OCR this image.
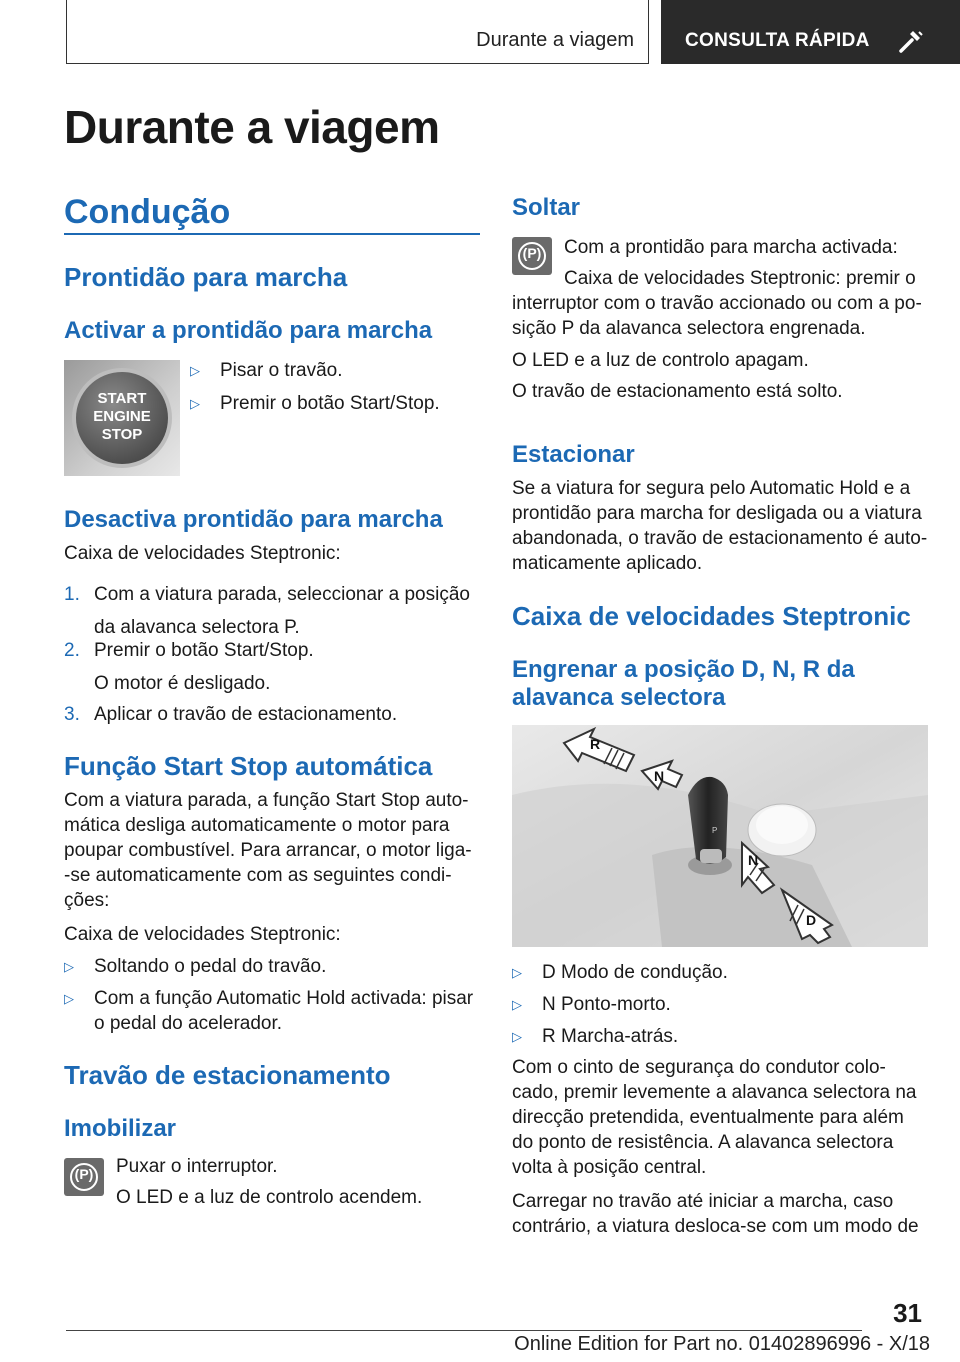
Durante a viagem	CONSULTA RÁPIDA
Durante a viagem
Condução
Prontidão para marcha
Activar a prontidão para marcha
START
ENGINE
STOP
▷ Pisar o travão.
▷ Premir o botão Start/Stop.
Desactiva prontidão para marcha

Caixa de velocidades Steptronic:

1. Com a viatura parada, seleccionar a posição
da alavanca selectora P.
2. Premir o botão Start/Stop.
O motor é desligado.
3. Aplicar o travão de estacionamento.
Função Start Stop automática
Com a viatura parada, a função Start Stop auto-
mática desliga automaticamente o motor para
poupar combustível. Para arrancar, o motor liga-
-se automaticamente com as seguintes condi-
ções:

Caixa de velocidades Steptronic:

▷ Soltando o pedal do travão.
▷ Com a função Automatic Hold activada: pisar
o pedal do acelerador.
Travão de estacionamento
Imobilizar
(P)	Puxar o interruptor.

O LED e a luz de controlo acendem.

Soltar
(P)	Com a prontidão para marcha activada:

Caixa de velocidades Steptronic: premir o

interruptor com o travão accionado ou com a po-

sição P da alavanca selectora engrenada.

O LED e a luz de controlo apagam.

O travão de estacionamento está solto.

Estacionar
Se a viatura for segura pelo Automatic Hold e a
prontidão para marcha for desligada ou a viatura
abandonada, o travão de estacionamento é auto-
maticamente aplicado.
Caixa de velocidades Steptronic
Engrenar a posição D, N, R da
alavanca selectora
R
N
N
D
P
▷ D Modo de condução.
▷ N Ponto-morto.
▷ R Marcha-atrás.
Com o cinto de segurança do condutor colo-
cado, premir levemente a alavanca selectora na
direcção pretendida, eventualmente para além
do ponto de resistência. A alavanca selectora
volta à posição central.
Carregar no travão até iniciar a marcha, caso
contrário, a viatura desloca-se com um modo de
31
Online Edition for Part no. 01402896996 - X/18
